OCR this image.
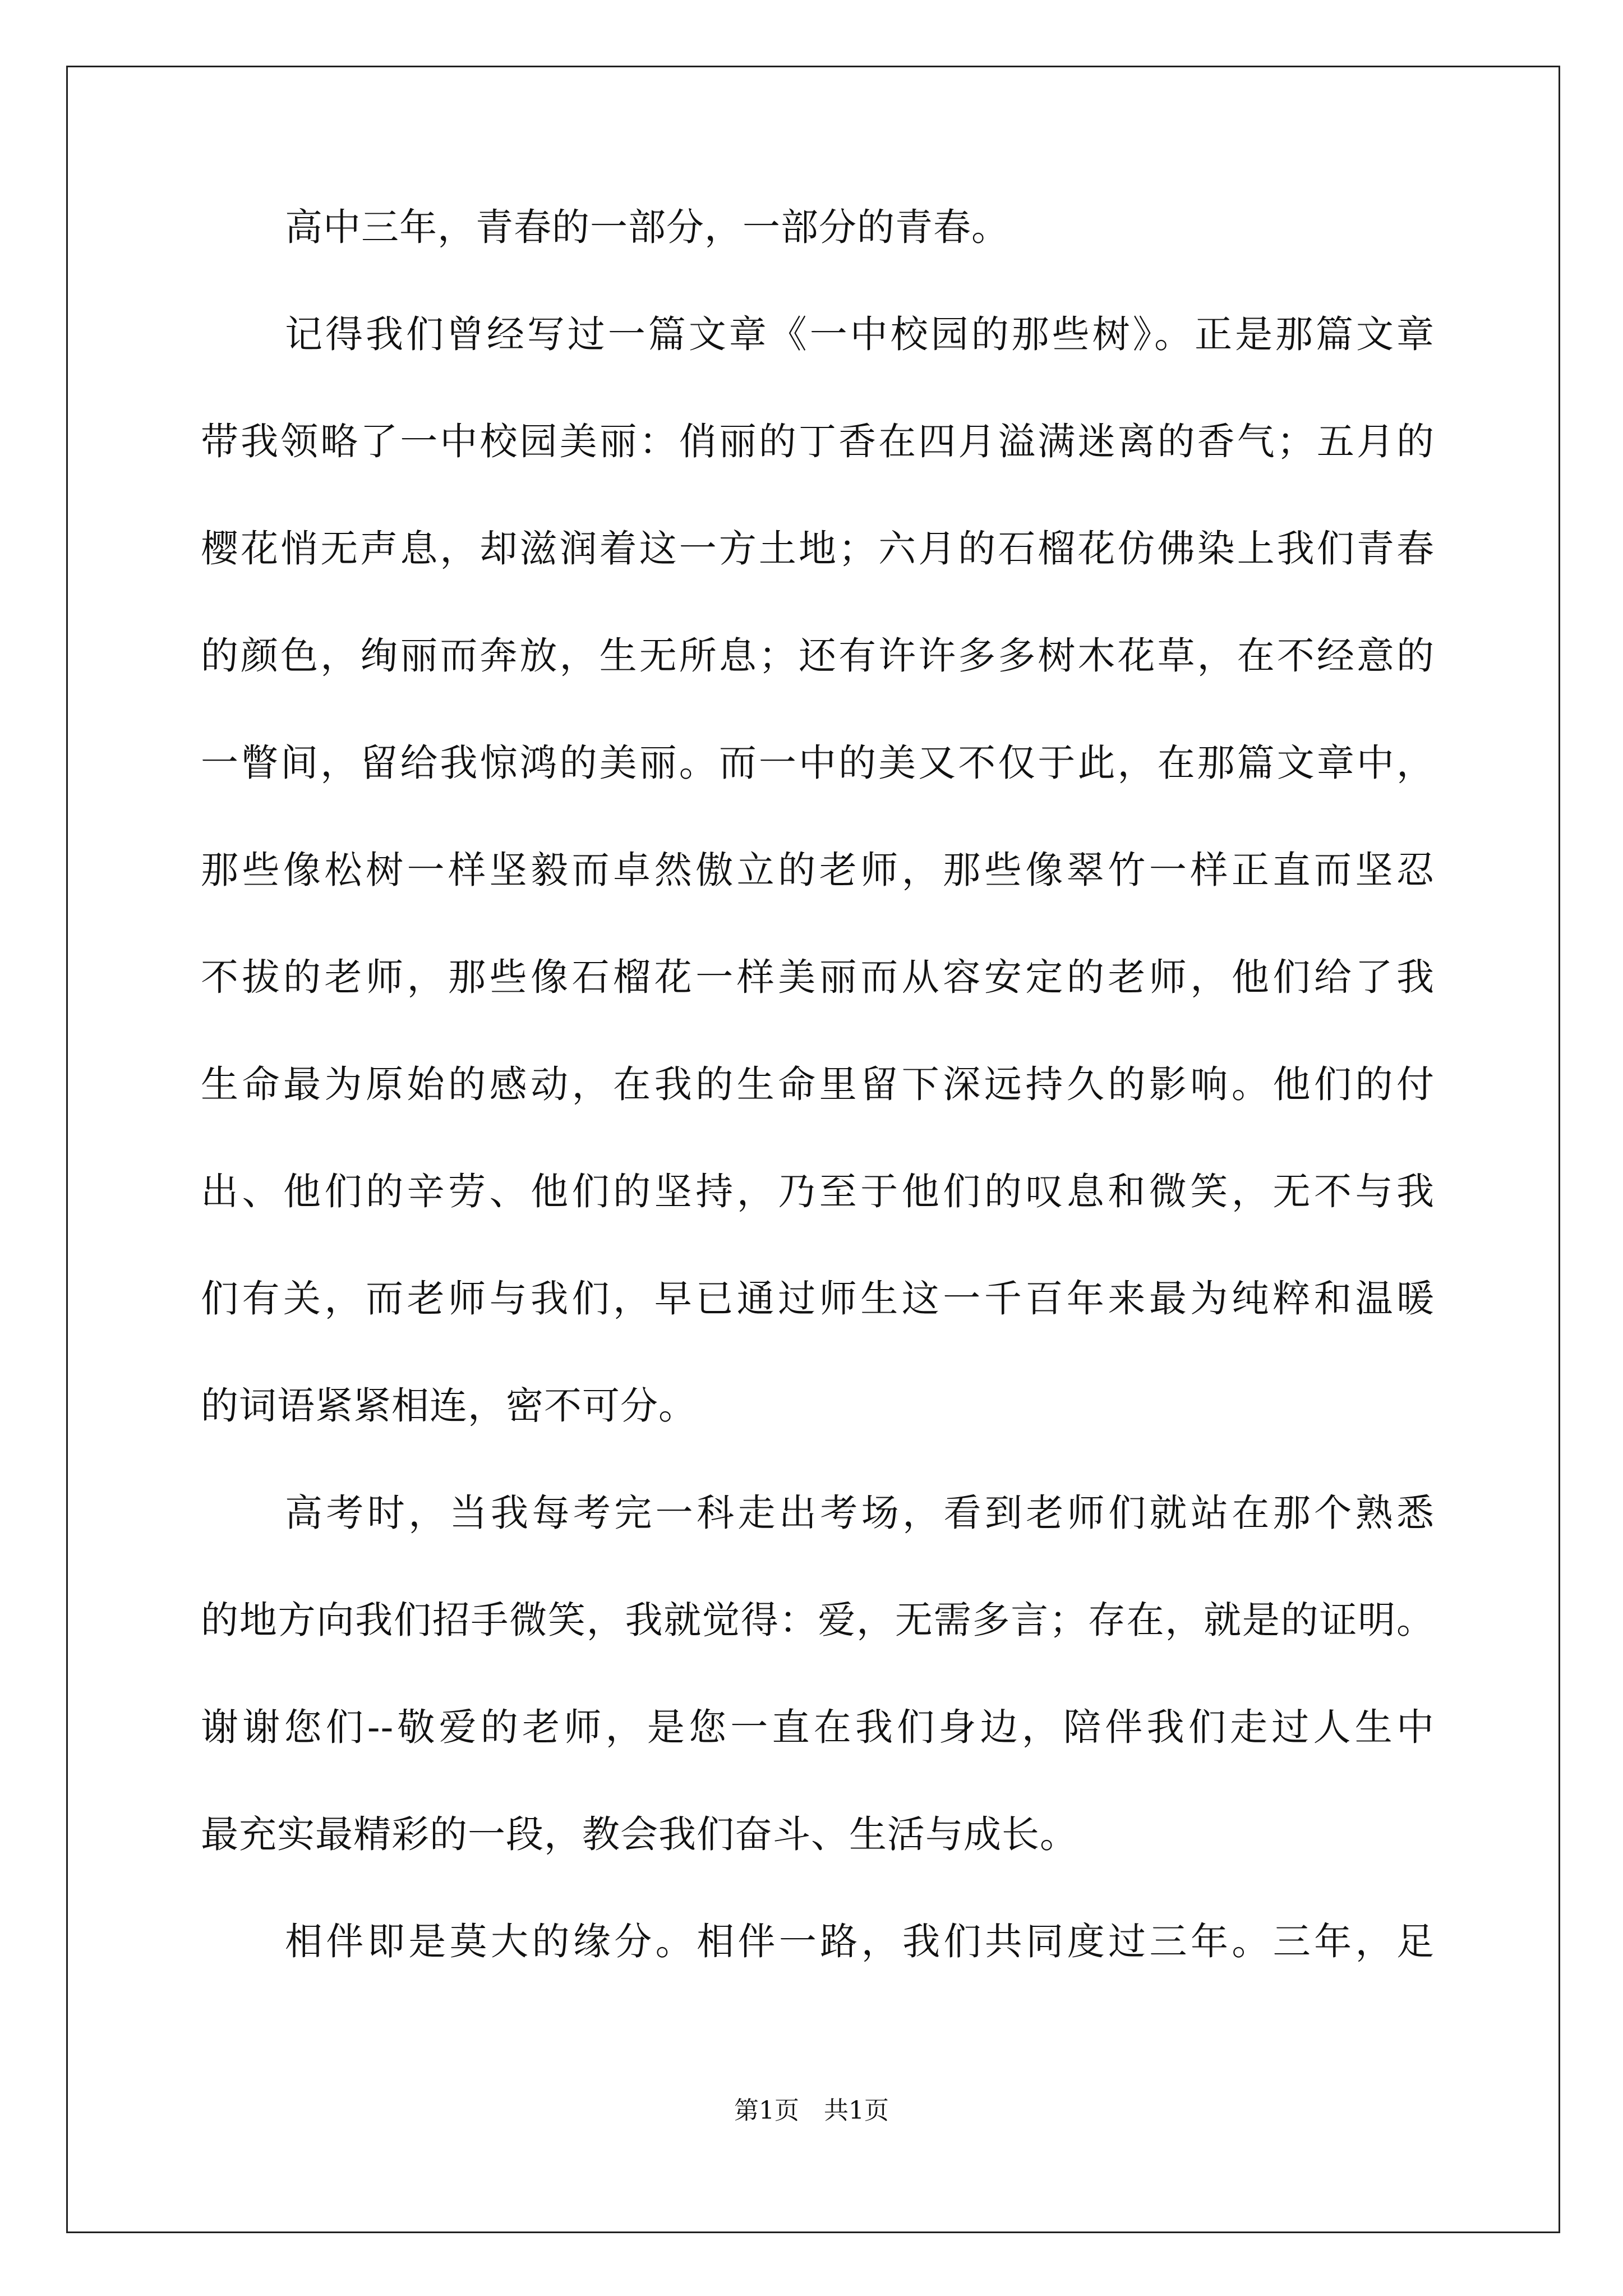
高中三年，青春的一部分，一部分的青春。
记得我们曾经写过一篇文章《一中校园的那些树》。正是那篇文章
带我领略了一中校园美丽：俏丽的丁香在四月溢满迷离的香气；五月的
樱花悄无声息，却滋润着这一方土地；六月的石榴花仿佛染上我们青春
的颜色，绚丽而奔放，生无所息；还有许许多多树木花草，在不经意的
一瞥间，留给我惊鸿的美丽。而一中的美又不仅于此，在那篇文章中，
那些像松树一样坚毅而卓然傲立的老师，那些像翠竹一样正直而坚忍
不拔的老师，那些像石榴花一样美丽而从容安定的老师，他们给了我
生命最为原始的感动，在我的生命里留下深远持久的影响。他们的付
出、他们的辛劳、他们的坚持，乃至于他们的叹息和微笑，无不与我
们有关，而老师与我们，早已通过师生这一千百年来最为纯粹和温暖
的词语紧紧相连，密不可分。
高考时，当我每考完一科走出考场，看到老师们就站在那个熟悉
的地方向我们招手微笑，我就觉得：爱，无需多言；存在，就是的证明。
谢谢您们--敬爱的老师，是您一直在我们身边，陪伴我们走过人生中
最充实最精彩的一段，教会我们奋斗、生活与成长。
相伴即是莫大的缘分。相伴一路，我们共同度过三年。三年，足
第1页　共1页
